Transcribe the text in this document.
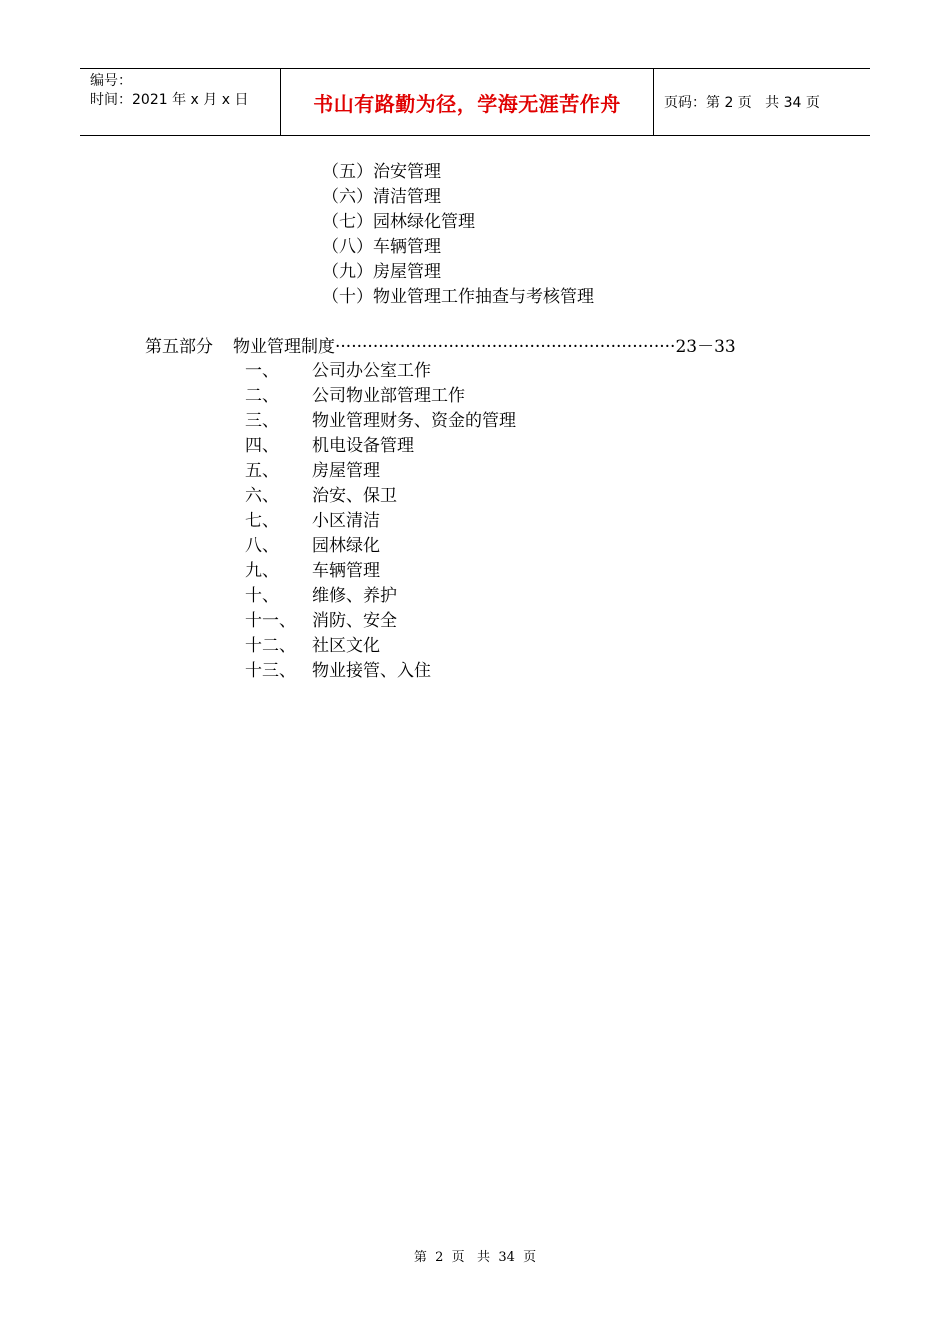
编号：
时间：2021 年 x 月 x 日	书山有路勤为径，学海无涯苦作舟	页码：第 2 页   共 34 页
（五）治安管理
（六）清洁管理
（七）园林绿化管理
（八）车辆管理
（九）房屋管理
（十）物业管理工作抽查与考核管理
第五部分 物业管理制度·······························································23－33
一、 公司办公室工作
二、 公司物业部管理工作
三、 物业管理财务、资金的管理
四、 机电设备管理
五、 房屋管理
六、 治安、保卫
七、 小区清洁
八、 园林绿化
九、 车辆管理
十、 维修、养护
十一、 消防、安全
十二、 社区文化
十三、 物业接管、入住
第  2  页   共  34  页
